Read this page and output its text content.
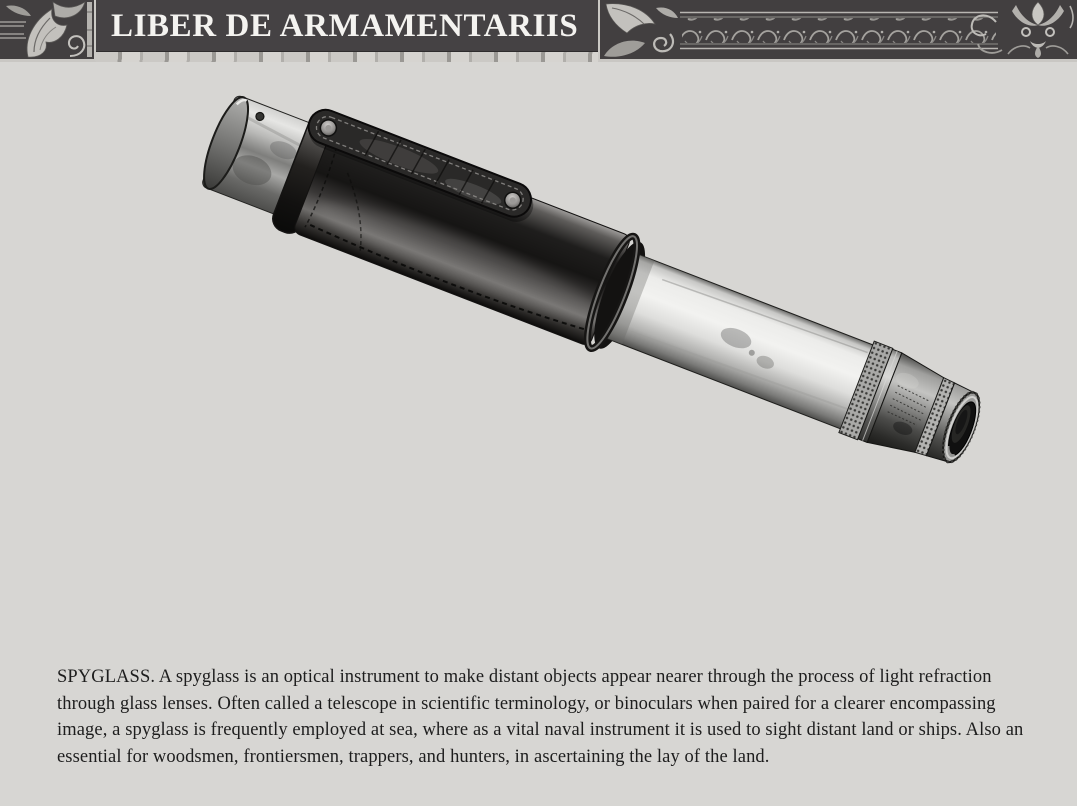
LIBER DE ARMAMENTARIIS

SPYGLASS. A spyglass is an optical instrument to make distant objects appear nearer through the process of light refraction through glass lenses. Often called a telescope in scientific terminology, or binoculars when paired for a clearer encompassing image, a spyglass is frequently employed at sea, where as a vital naval instrument it is used to sight distant land or ships. Also an essential for woodsmen, frontiersmen, trappers, and hunters, in ascertaining the lay of the land.
